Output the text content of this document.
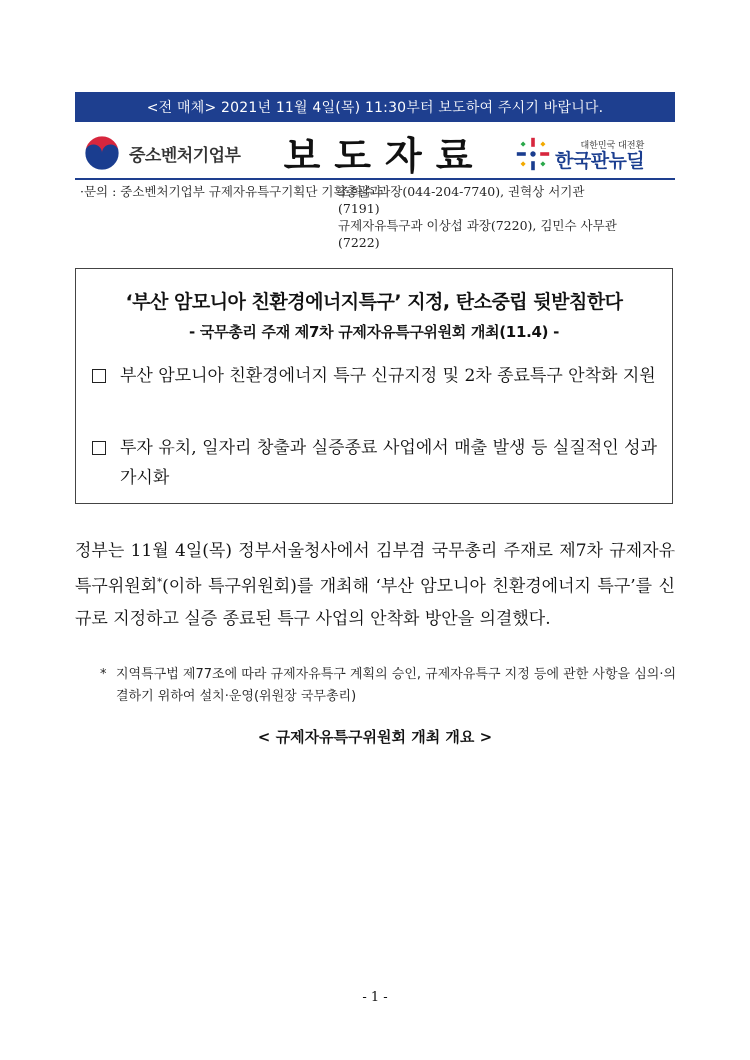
<전 매체> 2021년 11월 4일(목) 11:30부터 보도하여 주시기 바랍니다.
중소벤처기업부 보도자료	대한민국 대전환
한국판뉴딜
·문의 : 중소벤처기업부 규제자유특구기획단 기획총괄과
조희수 과장(044-204-7740), 권혁상 서기관
(7191)
규제자유특구과 이상섭 과장(7220), 김민수 사무관
(7222)
‘부산 암모니아 친환경에너지특구’ 지정, 탄소중립 뒷받침한다
- 국무총리 주재 제7차 규제자유특구위원회 개최(11.4) -
부산 암모니아 친환경에너지 특구 신규지정 및 2차 종료특구 안착화 지원
투자 유치, 일자리 창출과 실증종료 사업에서 매출 발생 등 실질적인 성과 가시화
정부는 11월 4일(목) 정부서울청사에서 김부겸 국무총리 주재로 제7차 규제자유특구위원회*(이하 특구위원회)를 개최해 ‘부산 암모니아 친환경에너지 특구’를 신규로 지정하고 실증 종료된 특구 사업의 안착화 방안을 의결했다.
* 지역특구법 제77조에 따라 규제자유특구 계획의 승인, 규제자유특구 지정 등에 관한 사항을 심의·의결하기 위하여 설치·운영(위원장 국무총리)
< 규제자유특구위원회 개최 개요 >
- 1 -
